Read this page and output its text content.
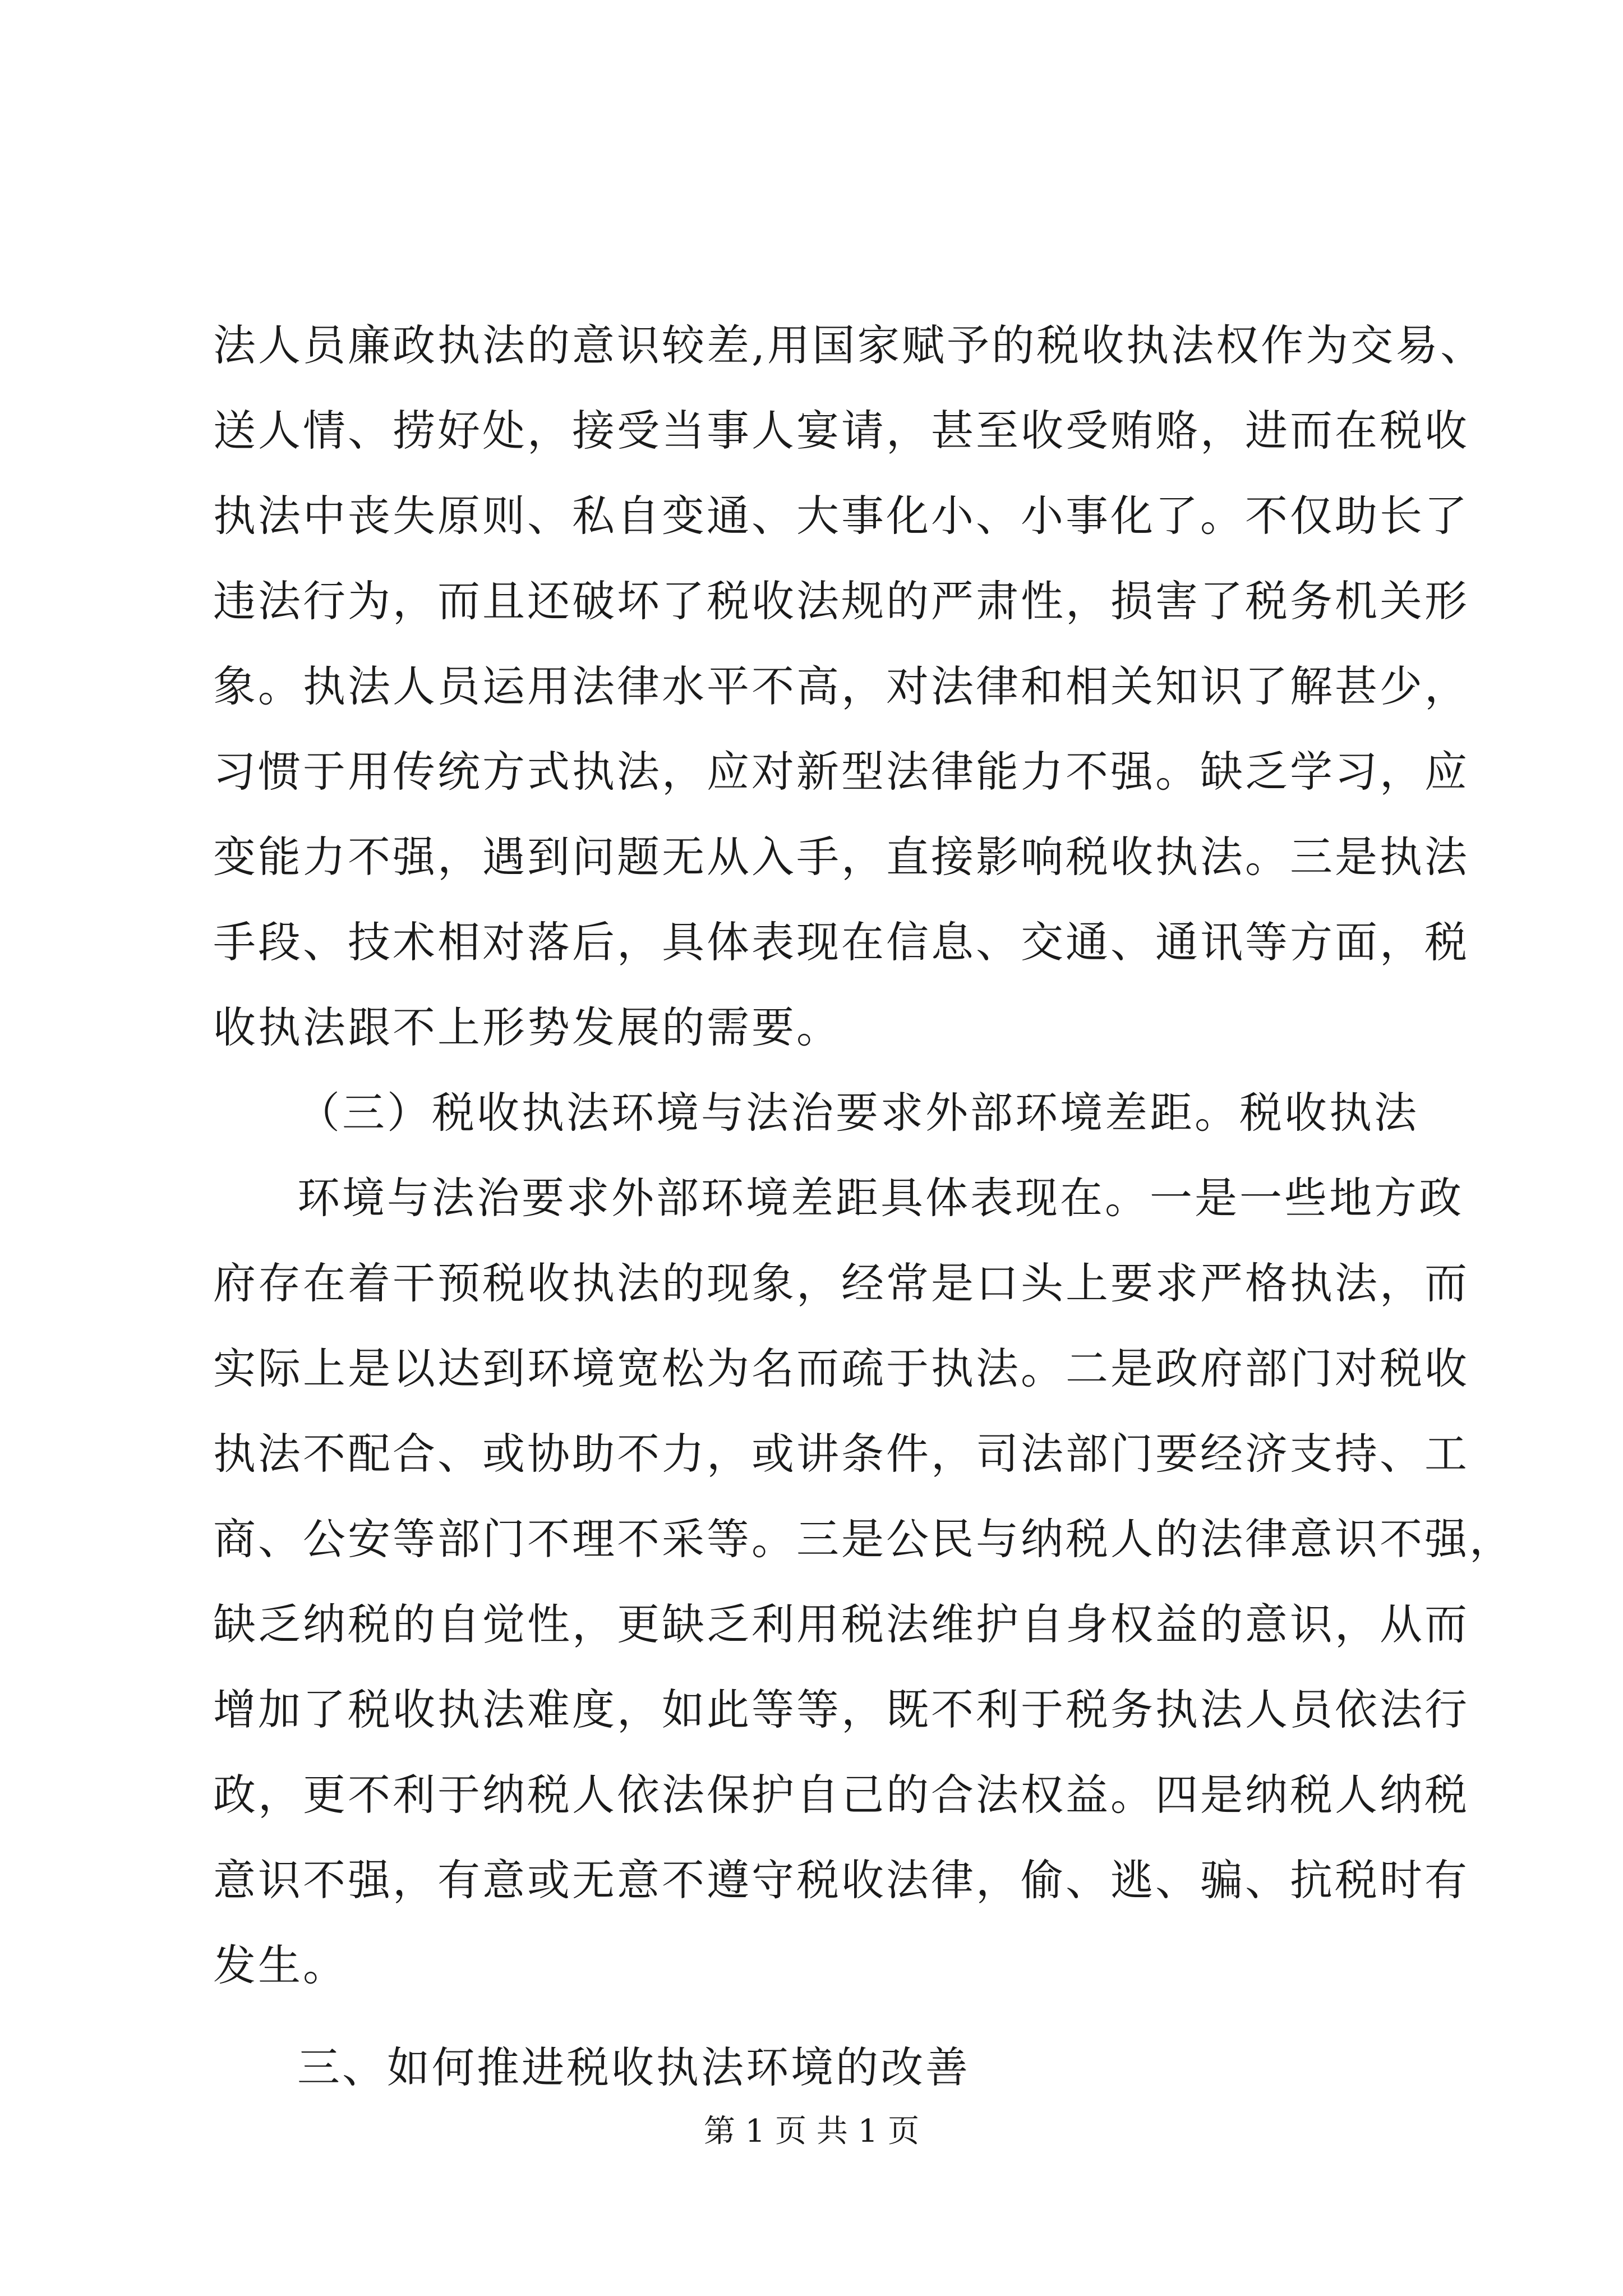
法人员廉政执法的意识较差,用国家赋予的税收执法权作为交易、
送人情、捞好处，接受当事人宴请，甚至收受贿赂，进而在税收
执法中丧失原则、私自变通、大事化小、小事化了。不仅助长了
违法行为，而且还破坏了税收法规的严肃性，损害了税务机关形
象。执法人员运用法律水平不高，对法律和相关知识了解甚少，
习惯于用传统方式执法，应对新型法律能力不强。缺乏学习，应
变能力不强，遇到问题无从入手，直接影响税收执法。三是执法
手段、技术相对落后，具体表现在信息、交通、通讯等方面，税
收执法跟不上形势发展的需要。
（三）税收执法环境与法治要求外部环境差距。税收执法
环境与法治要求外部环境差距具体表现在。一是一些地方政
府存在着干预税收执法的现象，经常是口头上要求严格执法，而
实际上是以达到环境宽松为名而疏于执法。二是政府部门对税收
执法不配合、或协助不力，或讲条件，司法部门要经济支持、工
商、公安等部门不理不采等。三是公民与纳税人的法律意识不强，
缺乏纳税的自觉性，更缺乏利用税法维护自身权益的意识，从而
增加了税收执法难度，如此等等，既不利于税务执法人员依法行
政，更不利于纳税人依法保护自己的合法权益。四是纳税人纳税
意识不强，有意或无意不遵守税收法律，偷、逃、骗、抗税时有
发生。
三、如何推进税收执法环境的改善
第 1 页 共 1 页
